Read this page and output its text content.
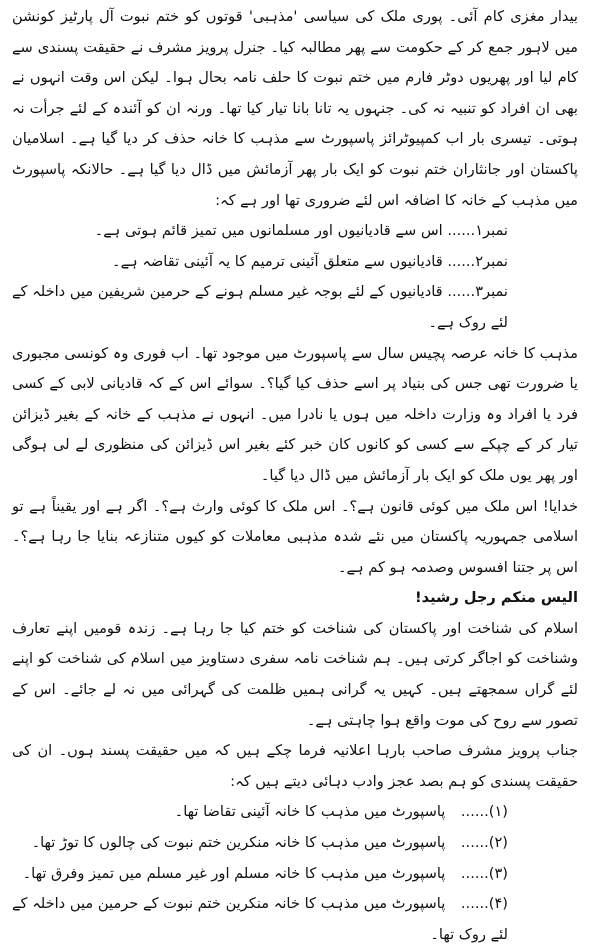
بیدار مغزی کام آئی۔ پوری ملک کی سیاسی 'مذہبی' قوتوں کو ختم نبوت آل پارٹیز کونشن میں لاہور جمع کر کے حکومت سے پھر مطالبہ کیا۔ جنرل پرویز مشرف نے حقیقت پسندی سے کام لیا اور پھریوں دوٹر فارم میں ختم نبوت کا حلف نامہ بحال ہوا۔ لیکن اس وقت انہوں نے بھی ان افراد کو تنبیہ نہ کی۔ جنہوں یہ تانا بانا تیار کیا تھا۔ ورنہ ان کو آئندہ کے لئے جرأت نہ ہوتی۔ تیسری بار اب کمپیوٹرائز پاسپورٹ سے مذہب کا خانہ حذف کر دیا گیا ہے۔ اسلامیان پاکستان اور جانثاران ختم نبوت کو ایک بار پھر آزمائش میں ڈال دیا گیا ہے۔ حالانکہ پاسپورٹ میں مذہب کے خانہ کا اضافہ اس لئے ضروری تھا اور ہے کہ:

نمبر۱...... اس سے قادیانیوں اور مسلمانوں میں تمیز قائم ہوتی ہے۔
نمبر۲...... قادیانیوں سے متعلق آئینی ترمیم کا یہ آئینی تقاضہ ہے۔
نمبر۳...... قادیانیوں کے لئے بوجہ غیر مسلم ہونے کے حرمین شریفین میں داخلہ کے لئے روک ہے۔

مذہب کا خانہ عرصہ پچیس سال سے پاسپورٹ میں موجود تھا۔ اب فوری وہ کونسی مجبوری یا ضرورت تھی جس کی بنیاد پر اسے حذف کیا گیا؟۔ سوائے اس کے کہ قادیانی لابی کے کسی فرد یا افراد وہ وزارت داخلہ میں ہوں یا نادرا میں۔ انہوں نے مذہب کے خانہ کے بغیر ڈیزائن تیار کر کے چپکے سے کسی کو کانوں کان خبر کئے بغیر اس ڈیزائن کی منظوری لے لی ہوگی اور پھر یوں ملک کو ایک بار آزمائش میں ڈال دیا گیا۔

خدایا! اس ملک میں کوئی قانون ہے؟۔ اس ملک کا کوئی وارث ہے؟۔ اگر ہے اور یقیناً ہے تو اسلامی جمہوریہ پاکستان میں نئے شدہ مذہبی معاملات کو کیوں متنازعہ بنایا جا رہا ہے؟۔ اس پر جتنا افسوس وصدمہ ہو کم ہے۔

الیس منکم رجل رشید!

اسلام کی شناخت اور پاکستان کی شناخت کو ختم کیا جا رہا ہے۔ زندہ قومیں اپنے تعارف وشناخت کو اجاگر کرتی ہیں۔ ہم شناخت نامہ سفری دستاویز میں اسلام کی شناخت کو اپنے لئے گراں سمجھتے ہیں۔ کہیں یہ گرانی ہمیں ظلمت کی گہرائی میں نہ لے جائے۔ اس کے تصور سے روح کی موت واقع ہوا چاہتی ہے۔

جناب پرویز مشرف صاحب بارہا اعلانیہ فرما چکے ہیں کہ میں حقیقت پسند ہوں۔ ان کی حقیقت پسندی کو ہم بصد عجز وادب دہائی دیتے ہیں کہ:

(۱)...... پاسپورٹ میں مذہب کا خانہ آئینی تقاضا تھا۔
(۲)...... پاسپورٹ میں مذہب کا خانہ منکرین ختم نبوت کی چالوں کا توڑ تھا۔
(۳)...... پاسپورٹ میں مذہب کا خانہ مسلم اور غیر مسلم میں تمیز وفرق تھا۔
(۴)...... پاسپورٹ میں مذہب کا خانہ منکرین ختم نبوت کے حرمین میں داخلہ کے لئے روک تھا۔
